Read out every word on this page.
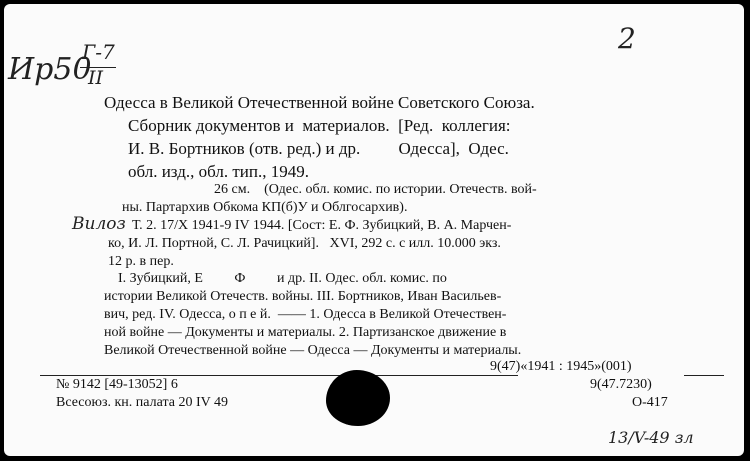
2
Ир50
Г-7
II
Одесса в Великой Отечественной войне Советского Союза.
Сборник документов и  материалов.  [Ред.  коллегия:
И. В. Бортников (отв. ред.) и др.         Одесса],  Одес.
обл. изд., обл. тип., 1949.
26 см.    (Одес. обл. комис. по истории. Отечеств. вой-
ны. Партархив Обкома КП(б)У и Облгосархив).
Вилоз Т. 2. 17/X 1941-9 IV 1944. [Сост: Е. Ф. Зубицкий, В. А. Марчен-
ко, И. Л. Портной, С. Л. Рачицкий].   XVI, 292 с. с илл. 10.000 экз.
12 р. в пер.
I. Зубицкий, Е         Ф         и др. II. Одес. обл. комис. по
истории Великой Отечеств. войны. III. Бортников, Иван Васильев-
вич, ред. IV. Одесса, о п е й.  —— 1. Одесса в Великой Отечествен-
ной войне — Документы и материалы. 2. Партизанское движение в
Великой Отечественной войне — Одесса — Документы и материалы.
9(47)«1941 : 1945»(001)
№ 9142 [49-13052] 6	9(47.7230)
Всесоюз. кн. палата 20 IV 49	О-417
13/V-49 зл
